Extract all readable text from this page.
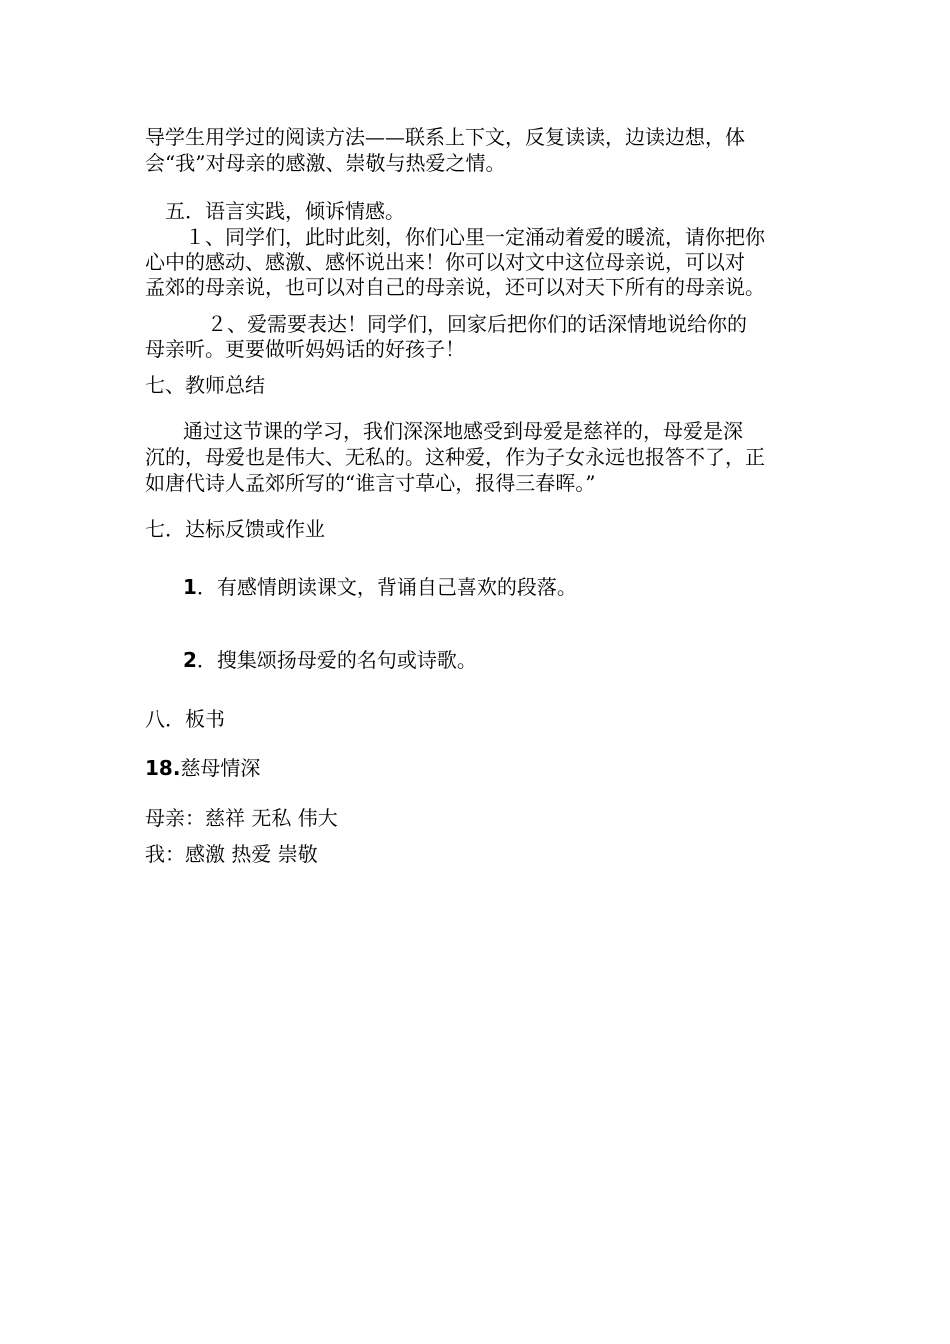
导学生用学过的阅读方法——联系上下文，反复读读，边读边想，体

会“我”对母亲的感激、崇敬与热爱之情。

五．语言实践，倾诉情感。

１、同学们，此时此刻，你们心里一定涌动着爱的暖流，请你把你

心中的感动、感激、感怀说出来！你可以对文中这位母亲说，可以对

孟郊的母亲说，也可以对自己的母亲说，还可以对天下所有的母亲说。

２、爱需要表达！同学们，回家后把你们的话深情地说给你的

母亲听。更要做听妈妈话的好孩子！

七、教师总结

通过这节课的学习，我们深深地感受到母爱是慈祥的，母爱是深

沉的，母爱也是伟大、无私的。这种爱，作为子女永远也报答不了，正

如唐代诗人孟郊所写的“谁言寸草心，报得三春晖。”

七．达标反馈或作业

1．有感情朗读课文，背诵自己喜欢的段落。

2．搜集颂扬母爱的名句或诗歌。

八．板书

18.慈母情深

母亲：慈祥 无私 伟大

我：感激 热爱 崇敬
